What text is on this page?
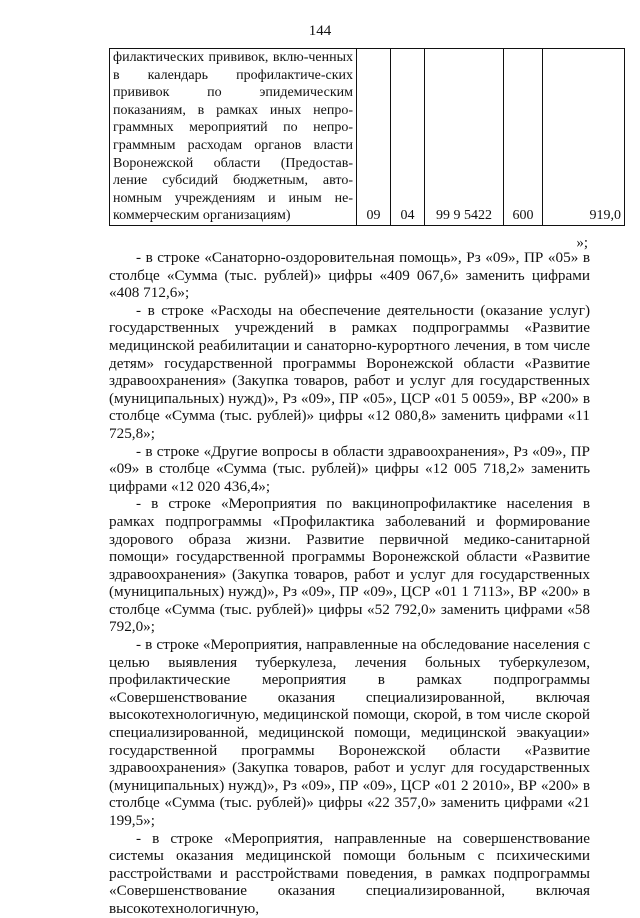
144
филактических прививок, вклю-ченных в календарь профилактиче-ских прививок по эпидемическим показаниям, в рамках иных непро-граммных мероприятий по непро-граммным расходам органов власти Воронежской области (Предостав-ление субсидий бюджетным, авто-номным учреждениям и иным не-коммерческим организациям)	09	04	99 9 5422	600	919,0
»;

- в строке «Санаторно-оздоровительная помощь», Рз «09», ПР «05» в столбце «Сумма (тыс. рублей)» цифры «409 067,6» заменить цифрами «408 712,6»;

- в строке «Расходы на обеспечение деятельности (оказание услуг) государственных учреждений в рамках подпрограммы «Развитие медицинской реабилитации и санаторно-курортного лечения, в том числе детям» государственной программы Воронежской области «Развитие здравоохранения» (Закупка товаров, работ и услуг для государственных (муниципальных) нужд)», Рз «09», ПР «05», ЦСР «01 5 0059», ВР «200» в столбце «Сумма (тыс. рублей)» цифры «12 080,8» заменить цифрами «11 725,8»;

- в строке «Другие вопросы в области здравоохранения», Рз «09», ПР «09» в столбце «Сумма (тыс. рублей)» цифры «12 005 718,2» заменить цифрами «12 020 436,4»;

- в строке «Мероприятия по вакцинопрофилактике населения в рамках подпрограммы «Профилактика заболеваний и формирование здорового образа жизни. Развитие первичной медико-санитарной помощи» государственной программы Воронежской области «Развитие здравоохранения» (Закупка товаров, работ и услуг для государственных (муниципальных) нужд)», Рз «09», ПР «09», ЦСР «01 1 7113», ВР «200» в столбце «Сумма (тыс. рублей)» цифры «52 792,0» заменить цифрами «58 792,0»;

- в строке «Мероприятия, направленные на обследование населения с целью выявления туберкулеза, лечения больных туберкулезом, профилактические мероприятия в рамках подпрограммы «Совершенствование оказания специализированной, включая высокотехнологичную, медицинской помощи, скорой, в том числе скорой специализированной, медицинской помощи, медицинской эвакуации» государственной программы Воронежской области «Развитие здравоохранения» (Закупка товаров, работ и услуг для государственных (муниципальных) нужд)», Рз «09», ПР «09», ЦСР «01 2 2010», ВР «200» в столбце «Сумма (тыс. рублей)» цифры «22 357,0» заменить цифрами «21 199,5»;

- в строке «Мероприятия, направленные на совершенствование системы оказания медицинской помощи больным с психическими расстройствами и расстройствами поведения, в рамках подпрограммы «Совершенствование оказания специализированной, включая высокотехнологичную,
